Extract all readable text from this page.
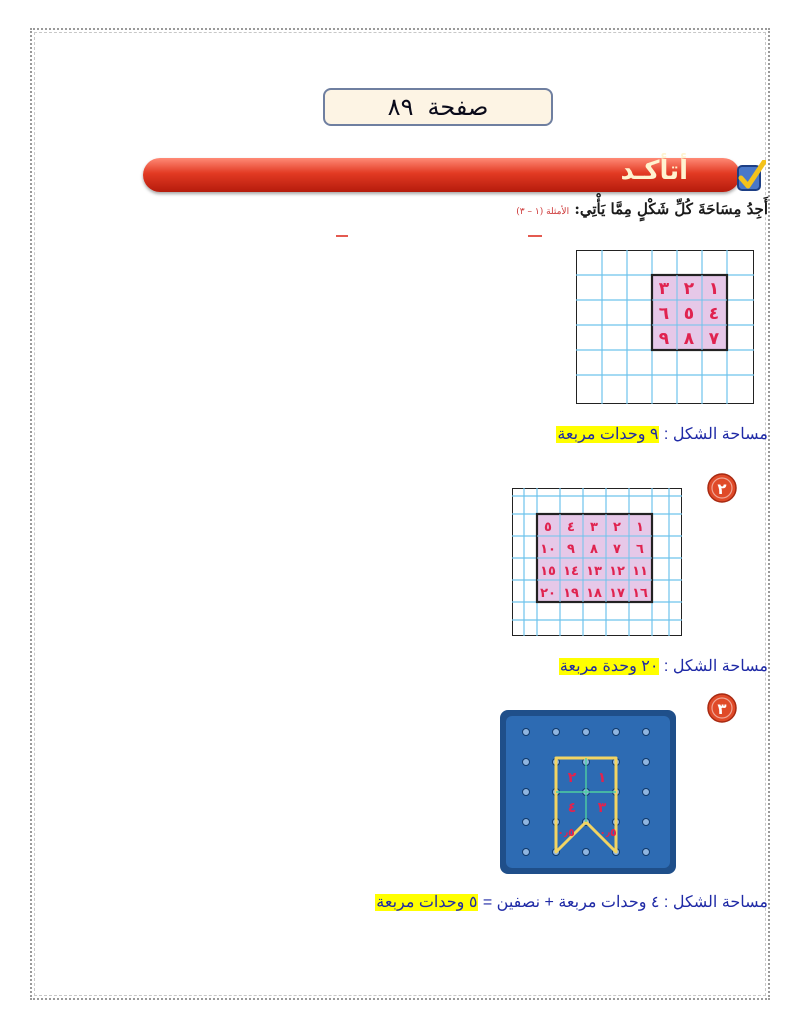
صفحة
٨٩
أتأكـد
أَجِدُ مِسَاحَةَ كُلِّ شَكْلٍ مِمَّا يَأْتِي: الأمثلة (١ – ٣)
٣ ٢ ١
٦ ٥ ٤
٩ ٨ ٧
مساحة الشكل : ٩ وحدات مربعة
٢
٥ ٤ ٣ ٢ ١
١٠ ٩ ٨ ٧ ٦
١٥ ١٤ ١٣ ١٢ ١١
٢٠ ١٩ ١٨ ١٧ ١٦
مساحة الشكل : ٢٠ وحدة مربعة
٣
٢ ١
٤ ٣
٠٫٥ ٠٫٥
مساحة الشكل : ٤ وحدات مربعة + نصفين = ٥ وحدات مربعة
